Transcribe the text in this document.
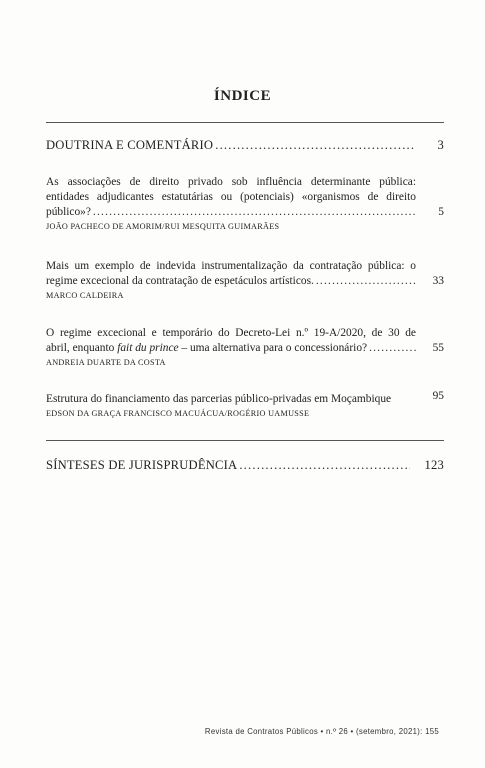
ÍNDICE
DOUTRINA E COMENTÁRIO .....	3
As associações de direito privado sob influência determinante pública:
entidades adjudicantes estatutárias ou (potenciais) «organismos de direito
público»? .....	5
JOÃO PACHECO DE AMORIM/RUI MESQUITA GUIMARÃES
Mais um exemplo de indevida instrumentalização da contratação pública: o
regime excecional da contratação de espetáculos artísticos. .....	33
MARCO CALDEIRA
O regime excecional e temporário do Decreto-Lei n.º 19-A/2020, de 30 de
abril, enquanto fait du prince – uma alternativa para o concessionário? .....	55
ANDREIA DUARTE DA COSTA
Estrutura do financiamento das parcerias público-privadas em Moçambique	95
EDSON DA GRAÇA FRANCISCO MACUÁCUA/ROGÉRIO UAMUSSE
SÍNTESES DE JURISPRUDÊNCIA .....	123
Revista de Contratos Públicos • n.º 26 • (setembro, 2021): 155
